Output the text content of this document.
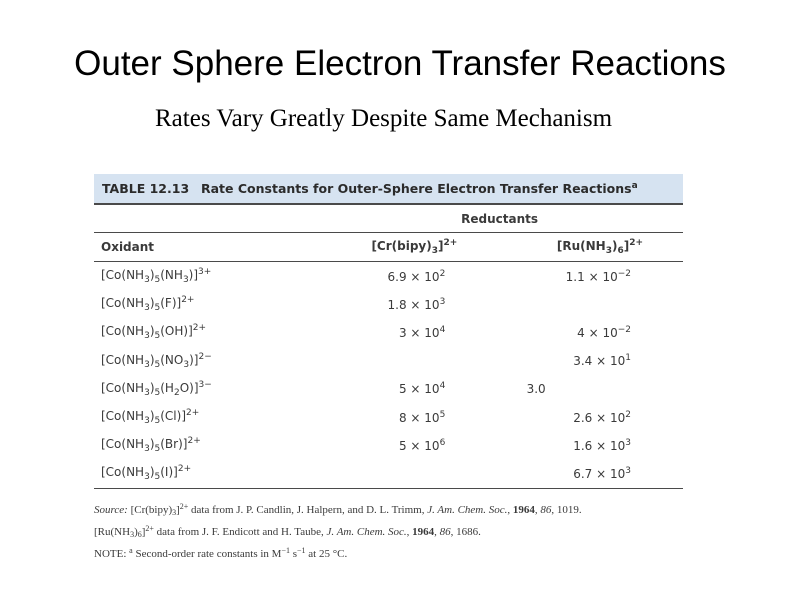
Outer Sphere Electron Transfer Reactions
Rates Vary Greatly Despite Same Mechanism
TABLE 12.13 Rate Constants for Outer-Sphere Electron Transfer Reactions$^a$
	Reductants	
Oxidant	$[Cr(bipy)_3]^{2+}$	$[Ru(NH_3)_6]^{2+}$
$[Co(NH_3)_5(NH_3)]^{3+}$	$6.9 \times 10^2$	$1.1 \times 10^{-2}$
$[Co(NH_3)_5(F)]^{2+}$	$1.8 \times 10^3$	
$[Co(NH_3)_5(OH)]^{2+}$	$3 \times 10^4$	$4 \times 10^{-2}$
$[Co(NH_3)_5(NO_3)]^{2-}$		$3.4 \times 10^1$
$[Co(NH_3)_5(H_2O)]^{3-}$	$5 \times 10^4$	3.0
$[Co(NH_3)_5(Cl)]^{2+}$	$8 \times 10^5$	$2.6 \times 10^2$
$[Co(NH_3)_5(Br)]^{2+}$	$5 \times 10^6$	$1.6 \times 10^3$
$[Co(NH_3)_5(I)]^{2+}$		$6.7 \times 10^3$
Source: $[Cr(bipy)_3]^{2+}$ data from J. P. Candlin, J. Halpern, and D. L. Trimm, J. Am. Chem. Soc., 1964, 86, 1019.
$[Ru(NH_3)_6]^{2+}$ data from J. F. Endicott and H. Taube, J. Am. Chem. Soc., 1964, 86, 1686.
NOTE: $^a$ Second-order rate constants in $M^{-1}$ $s^{-1}$ at 25 °C.
